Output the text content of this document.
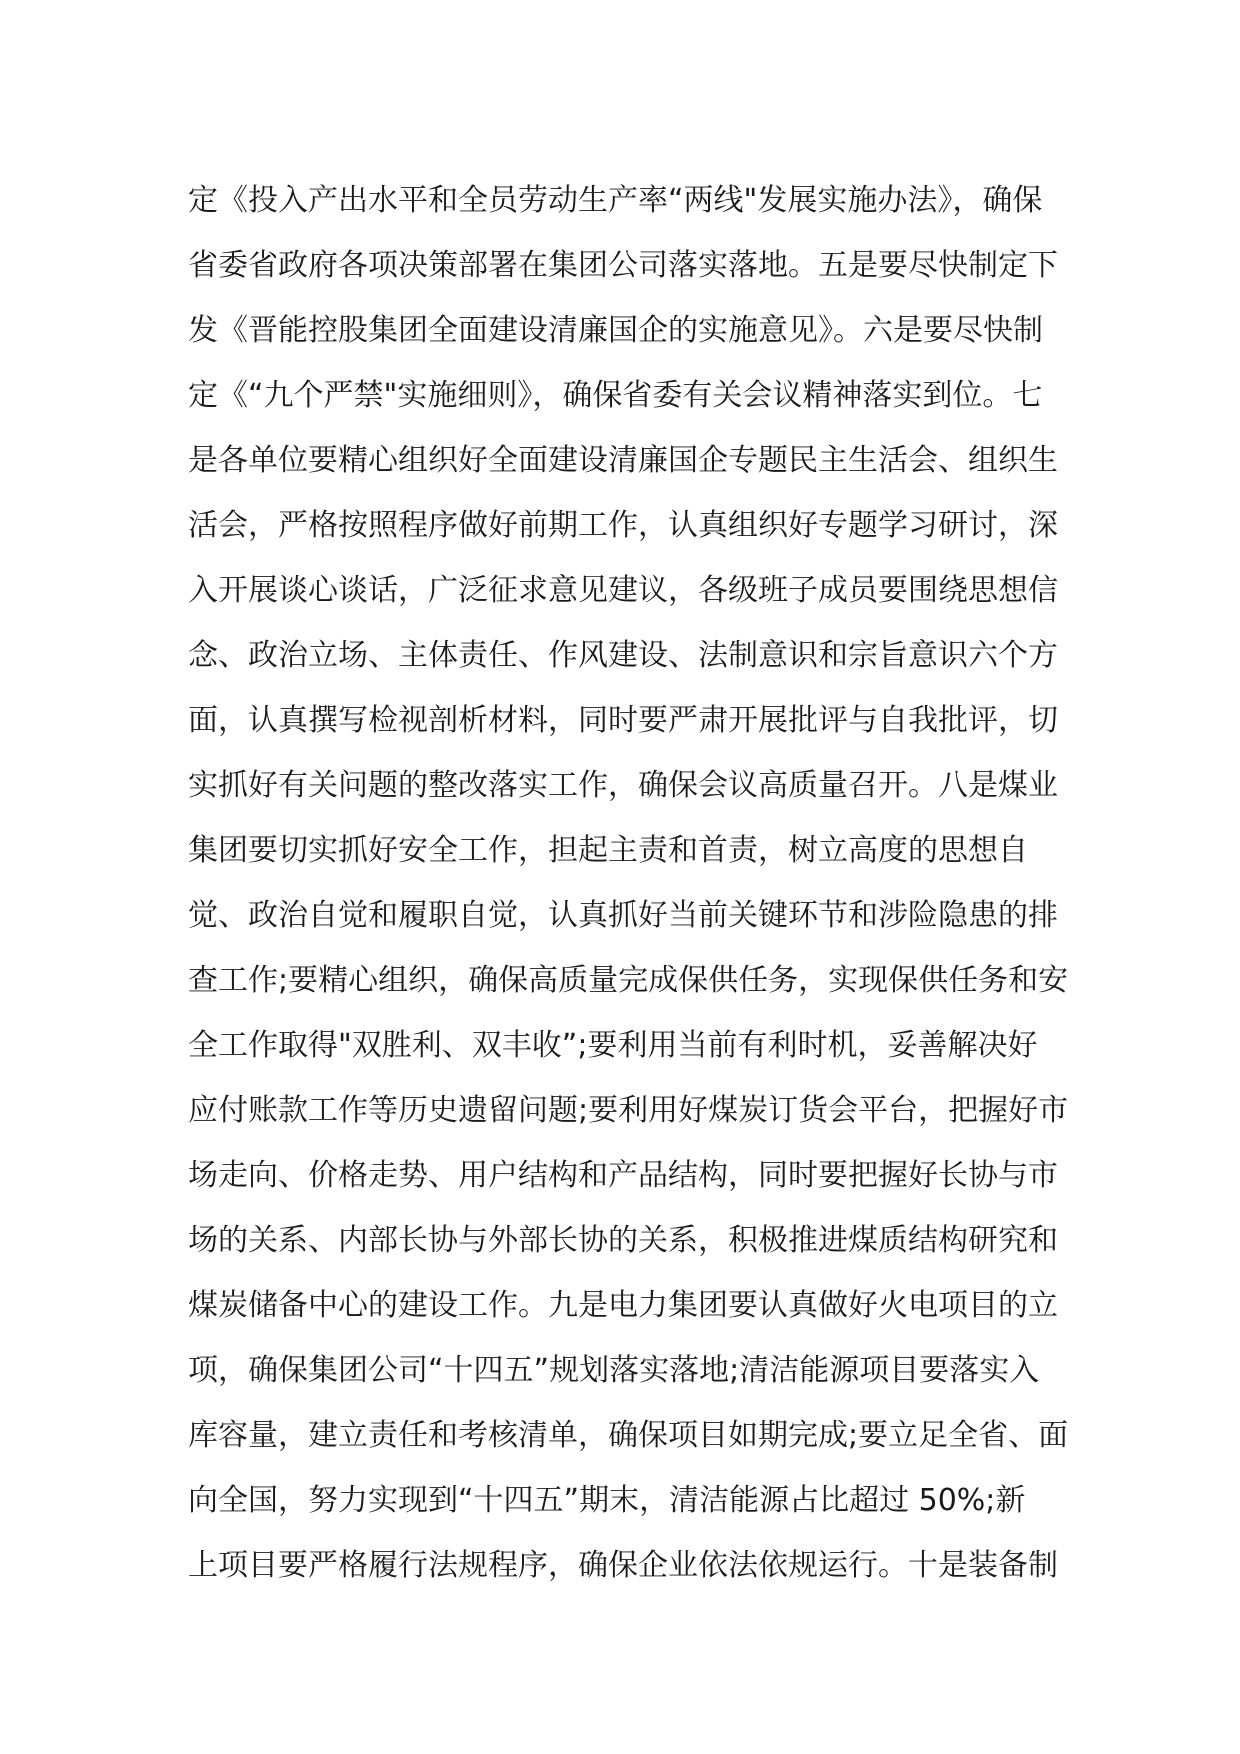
定《投入产出水平和全员劳动生产率“两线"发展实施办法》，确保
省委省政府各项决策部署在集团公司落实落地。五是要尽快制定下
发《晋能控股集团全面建设清廉国企的实施意见》。六是要尽快制
定《“九个严禁"实施细则》，确保省委有关会议精神落实到位。七
是各单位要精心组织好全面建设清廉国企专题民主生活会、组织生
活会，严格按照程序做好前期工作，认真组织好专题学习研讨，深
入开展谈心谈话，广泛征求意见建议，各级班子成员要围绕思想信
念、政治立场、主体责任、作风建设、法制意识和宗旨意识六个方
面，认真撰写检视剖析材料，同时要严肃开展批评与自我批评，切
实抓好有关问题的整改落实工作，确保会议高质量召开。八是煤业
集团要切实抓好安全工作，担起主责和首责，树立高度的思想自
觉、政治自觉和履职自觉，认真抓好当前关键环节和涉险隐患的排
查工作;要精心组织，确保高质量完成保供任务，实现保供任务和安
全工作取得"双胜利、双丰收”;要利用当前有利时机，妥善解决好
应付账款工作等历史遗留问题;要利用好煤炭订货会平台，把握好市
场走向、价格走势、用户结构和产品结构，同时要把握好长协与市
场的关系、内部长协与外部长协的关系，积极推进煤质结构研究和
煤炭储备中心的建设工作。九是电力集团要认真做好火电项目的立
项，确保集团公司“十四五”规划落实落地;清洁能源项目要落实入
库容量，建立责任和考核清单，确保项目如期完成;要立足全省、面
向全国，努力实现到“十四五”期末，清洁能源占比超过 50%;新
上项目要严格履行法规程序，确保企业依法依规运行。十是装备制
